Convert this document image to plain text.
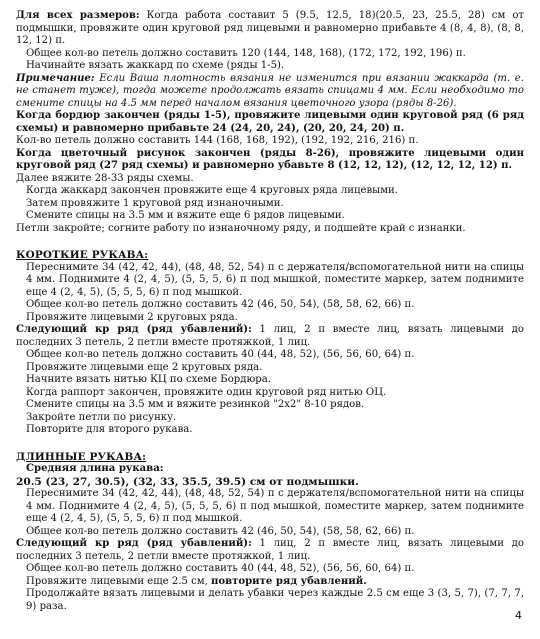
Для всех размеров: Когда работа составит 5 (9.5, 12.5, 18)(20.5, 23, 25.5, 28) см от подмышки, провяжите один круговой ряд лицевыми и равномерно прибавьте 4 (8, 4, 8), (8, 8, 12, 12) п.

Общее кол-во петель должно составить 120 (144, 148, 168), (172, 172, 192, 196) п.

Начинайте вязать жаккард по схеме (ряды 1-5).

Примечание: Если Ваша плотность вязания не изменится при вязании жаккарда (т. е. не станет туже), тогда можете продолжать вязать спицами 4 мм. Если необходимо то смените спицы на 4.5 мм перед началом вязания цветочного узора (ряды 8-26).

Когда бордюр закончен (ряды 1-5), провяжите лицевыми один круговой ряд (6 ряд схемы) и равномерно прибавьте 24 (24, 20, 24), (20, 20, 24, 20) п.

Кол-во петель должно составить 144 (168, 168, 192), (192, 192, 216, 216) п.

Когда цветочный рисунок закончен (ряды 8-26), провяжите лицевыми один круговой ряд (27 ряд схемы) и равномерно убавьте 8 (12, 12, 12), (12, 12, 12, 12) п.

Далее вяжите 28-33 ряды схемы.

Когда жаккард закончен провяжите еще 4 круговых ряда лицевыми.

Затем провяжите 1 круговой ряд изнаночными.

Смените спицы на 3.5 мм и вяжите еще 6 рядов лицевыми.

Петли закройте; согните работу по изнаночному ряду, и подшейте край с изнанки.

КОРОТКИЕ РУКАВА:

Переснимите 34 (42, 42, 44), (48, 48, 52, 54) п с держателя/вспомогательной нити на спицы 4 мм. Поднимите 4 (2, 4, 5), (5, 5, 5, 6) п под мышкой, поместите маркер, затем поднимите еще 4 (2, 4, 5), (5, 5, 5, 6) п под мышкой.

Общее кол-во петель должно составить 42 (46, 50, 54), (58, 58, 62, 66) п.

Провяжите лицевыми 2 круговых ряда.

Следующий кр ряд (ряд убавлений): 1 лиц, 2 п вместе лиц, вязать лицевыми до последних 3 петель, 2 петли вместе протяжкой, 1 лиц.

Общее кол-во петель должно составить 40 (44, 48, 52), (56, 56, 60, 64) п.

Провяжите лицевыми еще 2 круговых ряда.

Начните вязать нитью КЦ по схеме Бордюра.

Когда раппорт закончен, провяжите один круговой ряд нитью ОЦ.

Смените спицы на 3.5 мм и вяжите резинкой "2x2" 8-10 рядов.

Закройте петли по рисунку.

Повторите для второго рукава.

ДЛИННЫЕ РУКАВА:

Средняя длина рукава:

20.5 (23, 27, 30.5), (32, 33, 35.5, 39.5) см от подмышки.

Переснимите 34 (42, 42, 44), (48, 48, 52, 54) п с держателя/вспомогательной нити на спицы 4 мм. Поднимите 4 (2, 4, 5), (5, 5, 5, 6) п под мышкой, поместите маркер, затем поднимите еще 4 (2, 4, 5), (5, 5, 5, 6) п под мышкой.

Общее кол-во петель должно составить 42 (46, 50, 54), (58, 58, 62, 66) п.

Следующий кр ряд (ряд убавлений): 1 лиц, 2 п вместе лиц, вязать лицевыми до последних 3 петель, 2 петли вместе протяжкой, 1 лиц.

Общее кол-во петель должно составить 40 (44, 48, 52), (56, 56, 60, 64) п.

Провяжите лицевыми еще 2.5 см, повторите ряд убавлений.

Продолжайте вязать лицевыми и делать убавки через каждые 2.5 см еще 3 (3, 5, 7), (7, 7, 7, 9) раза.

4
